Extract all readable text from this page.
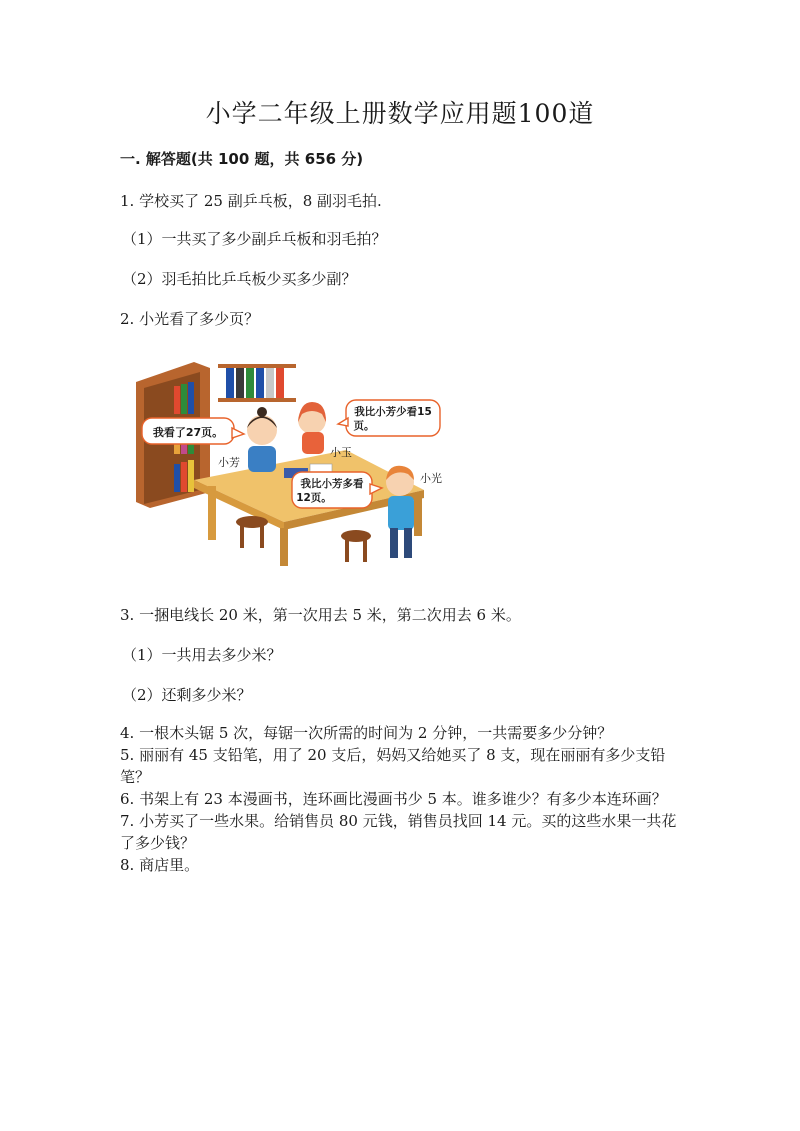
小学二年级上册数学应用题100道
一. 解答题(共 100 题，共 656 分)
1. 学校买了 25 副乒乓板，8 副羽毛拍.
（1）一共买了多少副乒乓板和羽毛拍？
（2）羽毛拍比乒乓板少买多少副？
2. 小光看了多少页？
我看了27页。
我比小芳少看15
页。
我比小芳多看
12页。
小芳
小玉
小光
3. 一捆电线长 20 米，第一次用去 5 米，第二次用去 6 米。
（1）一共用去多少米？
（2）还剩多少米？

4. 一根木头锯 5 次，每锯一次所需的时间为 2 分钟，一共需要多少分钟？

5. 丽丽有 45 支铅笔，用了 20 支后，妈妈又给她买了 8 支，现在丽丽有多少支铅笔？

6. 书架上有 23 本漫画书，连环画比漫画书少 5 本。谁多谁少？有多少本连环画？

7. 小芳买了一些水果。给销售员 80 元钱，销售员找回 14 元。买的这些水果一共花了多少钱？

8. 商店里。
